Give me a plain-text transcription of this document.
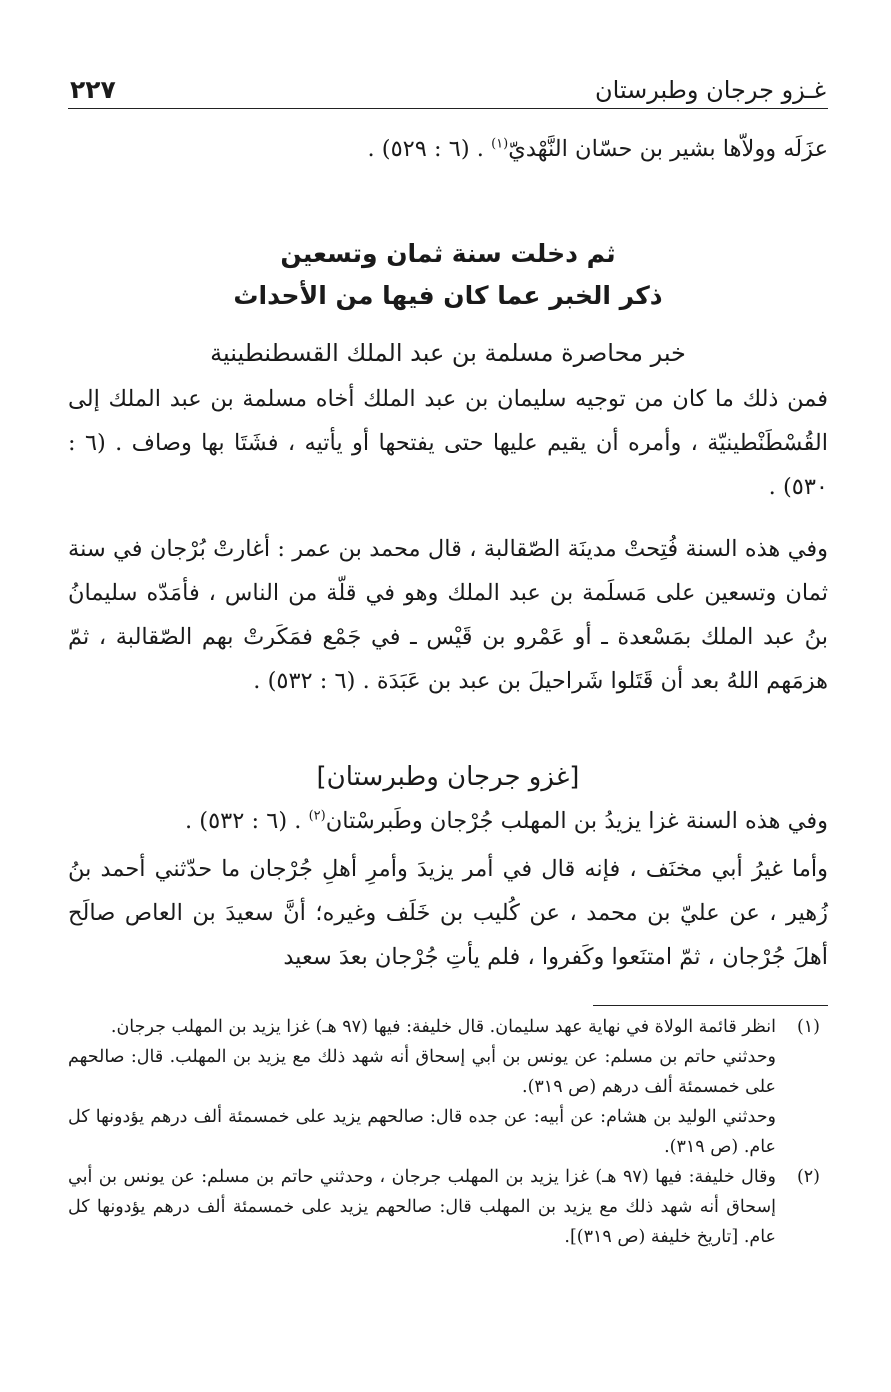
غـزو جرجان وطبرستان
٢٢٧

عزَلَه وولاّها بشير بن حسّان النَّهْديّ$^{(١)}$ . (٦ : ٥٢٩) .

ثم دخلت سنة ثمان وتسعين
ذكر الخبر عما كان فيها من الأحداث
خبر محاصرة مسلمة بن عبد الملك القسطنطينية

فمن ذلك ما كان من توجيه سليمان بن عبد الملك أخاه مسلمة بن عبد الملك إلى القُسْطَنْطينيّة ، وأمره أن يقيم عليها حتى يفتحها أو يأتيه ، فشَتَا بها وصاف . (٦ : ٥٣٠) .

وفي هذه السنة فُتِحتْ مدينَة الصّقالبة ، قال محمد بن عمر : أغارتْ بُرْجان في سنة ثمان وتسعين على مَسلَمة بن عبد الملك وهو في قلّة من الناس ، فأمَدّه سليمانُ بنُ عبد الملك بمَسْعدة ـ أو عَمْرو بن قَيْس ـ في جَمْع فمَكَرتْ بهم الصّقالبة ، ثمّ هزمَهم اللهُ بعد أن قَتَلوا شَراحيلَ بن عبد بن عَبَدَة . (٦ : ٥٣٢) .

[غزو جرجان وطبرستان]

وفي هذه السنة غزا يزيدُ بن المهلب جُرْجان وطَبرسْتان$^{(٢)}$ . (٦ : ٥٣٢) .

وأما غيرُ أبي مخنَف ، فإنه قال في أمر يزيدَ وأمرِ أهلِ جُرْجان ما حدّثني أحمد بنُ زُهير ، عن عليّ بن محمد ، عن كُليب بن خَلَف وغيره؛ أنَّ سعيدَ بن العاص صالَح أهلَ جُرْجان ، ثمّ امتنَعوا وكَفروا ، فلم يأتِ جُرْجان بعدَ سعيد

(١)

انظر قائمة الولاة في نهاية عهد سليمان. قال خليفة: فيها (٩٧ هـ) غزا يزيد بن المهلب جرجان.

وحدثني حاتم بن مسلم: عن يونس بن أبي إسحاق أنه شهد ذلك مع يزيد بن المهلب. قال: صالحهم على خمسمئة ألف درهم (ص ٣١٩).

وحدثني الوليد بن هشام: عن أبيه: عن جده قال: صالحهم يزيد على خمسمئة ألف درهم يؤدونها كل عام. (ص ٣١٩).

(٢)

وقال خليفة: فيها (٩٧ هـ) غزا يزيد بن المهلب جرجان ، وحدثني حاتم بن مسلم: عن يونس بن أبي إسحاق أنه شهد ذلك مع يزيد بن المهلب قال: صالحهم يزيد على خمسمئة ألف درهم يؤدونها كل عام. [تاريخ خليفة (ص ٣١٩)].
